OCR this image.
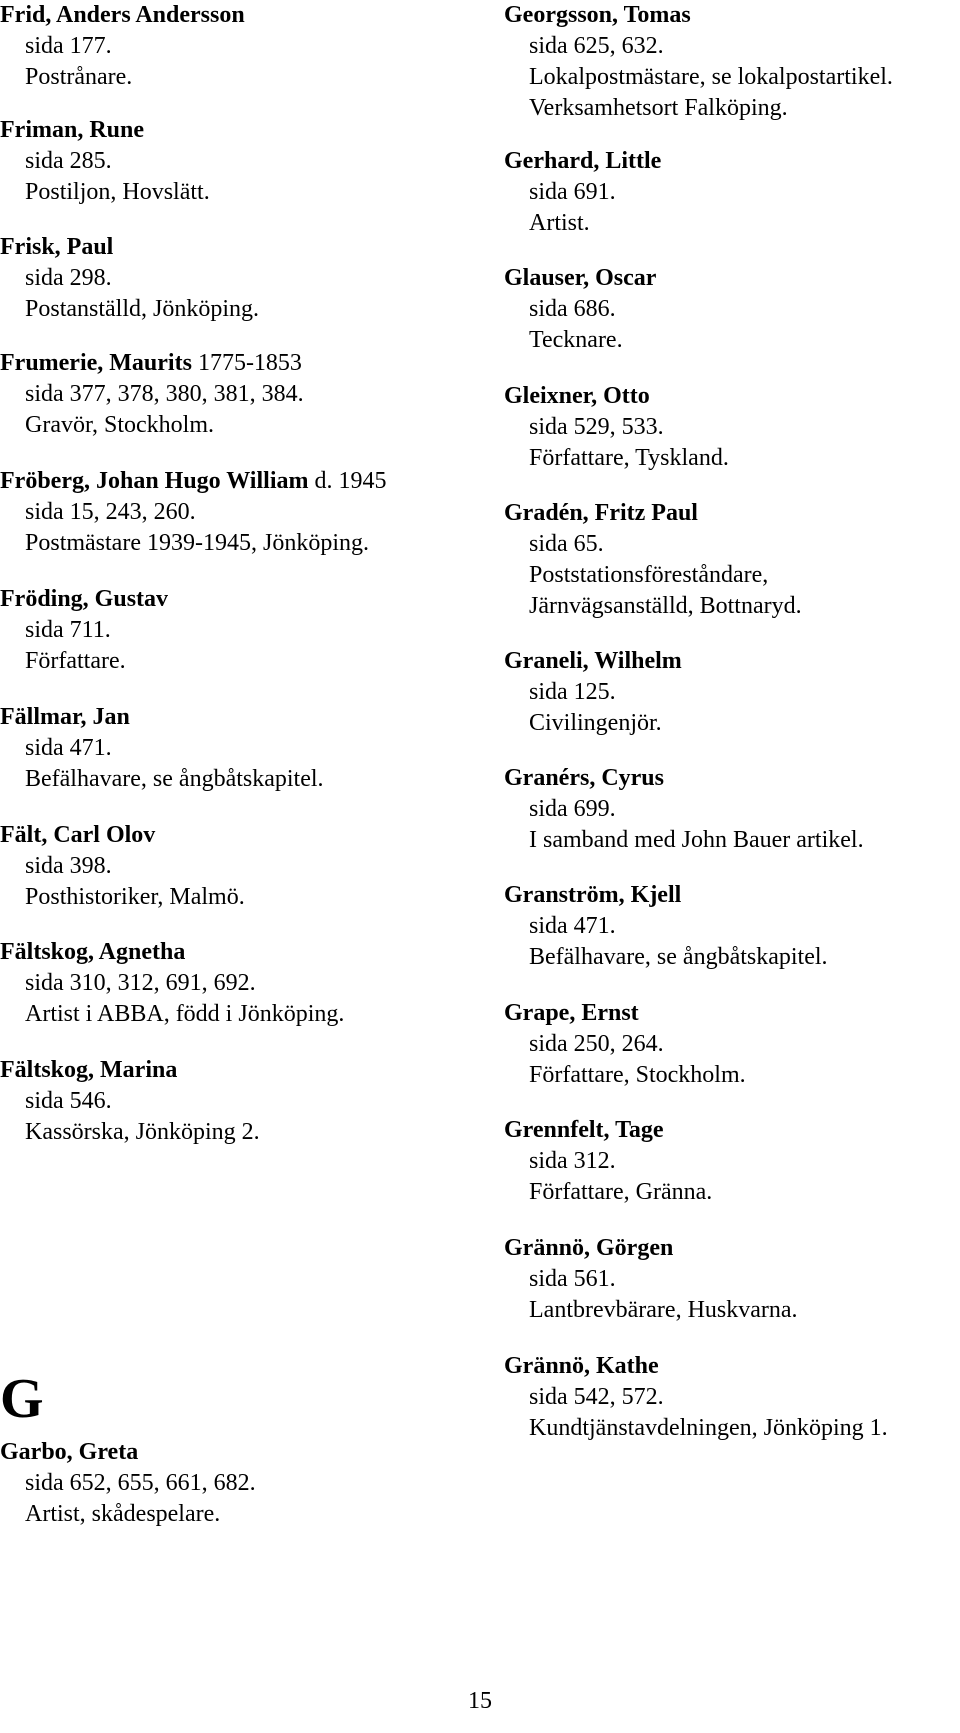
Frid, Anders Andersson
sida 177.
Postrånare.
Friman, Rune
sida 285.
Postiljon, Hovslätt.
Frisk, Paul
sida 298.
Postanställd, Jönköping.
Frumerie, Maurits 1775-1853
sida 377, 378, 380, 381, 384.
Gravör, Stockholm.
Fröberg, Johan Hugo William d. 1945
sida 15, 243, 260.
Postmästare 1939-1945, Jönköping.
Fröding, Gustav
sida 711.
Författare.
Fällmar, Jan
sida 471.
Befälhavare, se ångbåtskapitel.
Fält, Carl Olov
sida 398.
Posthistoriker, Malmö.
Fältskog, Agnetha
sida 310, 312, 691, 692.
Artist i ABBA, född i Jönköping.
Fältskog, Marina
sida 546.
Kassörska, Jönköping 2.
Garbo, Greta
sida 652, 655, 661, 682.
Artist, skådespelare.
Georgsson, Tomas
sida 625, 632.
Lokalpostmästare, se lokalpostartikel.
Verksamhetsort Falköping.
Gerhard, Little
sida 691.
Artist.
Glauser, Oscar
sida 686.
Tecknare.
Gleixner, Otto
sida 529, 533.
Författare, Tyskland.
Gradén, Fritz Paul
sida 65.
Poststationsföreståndare,
Järnvägsanställd, Bottnaryd.
Graneli, Wilhelm
sida 125.
Civilingenjör.
Granérs, Cyrus
sida 699.
I samband med John Bauer artikel.
Granström, Kjell
sida 471.
Befälhavare, se ångbåtskapitel.
Grape, Ernst
sida 250, 264.
Författare, Stockholm.
Grennfelt, Tage
sida 312.
Författare, Gränna.
Grännö, Görgen
sida 561.
Lantbrevbärare, Huskvarna.
Grännö, Kathe
sida 542, 572.
Kundtjänstavdelningen, Jönköping 1.
G
15
